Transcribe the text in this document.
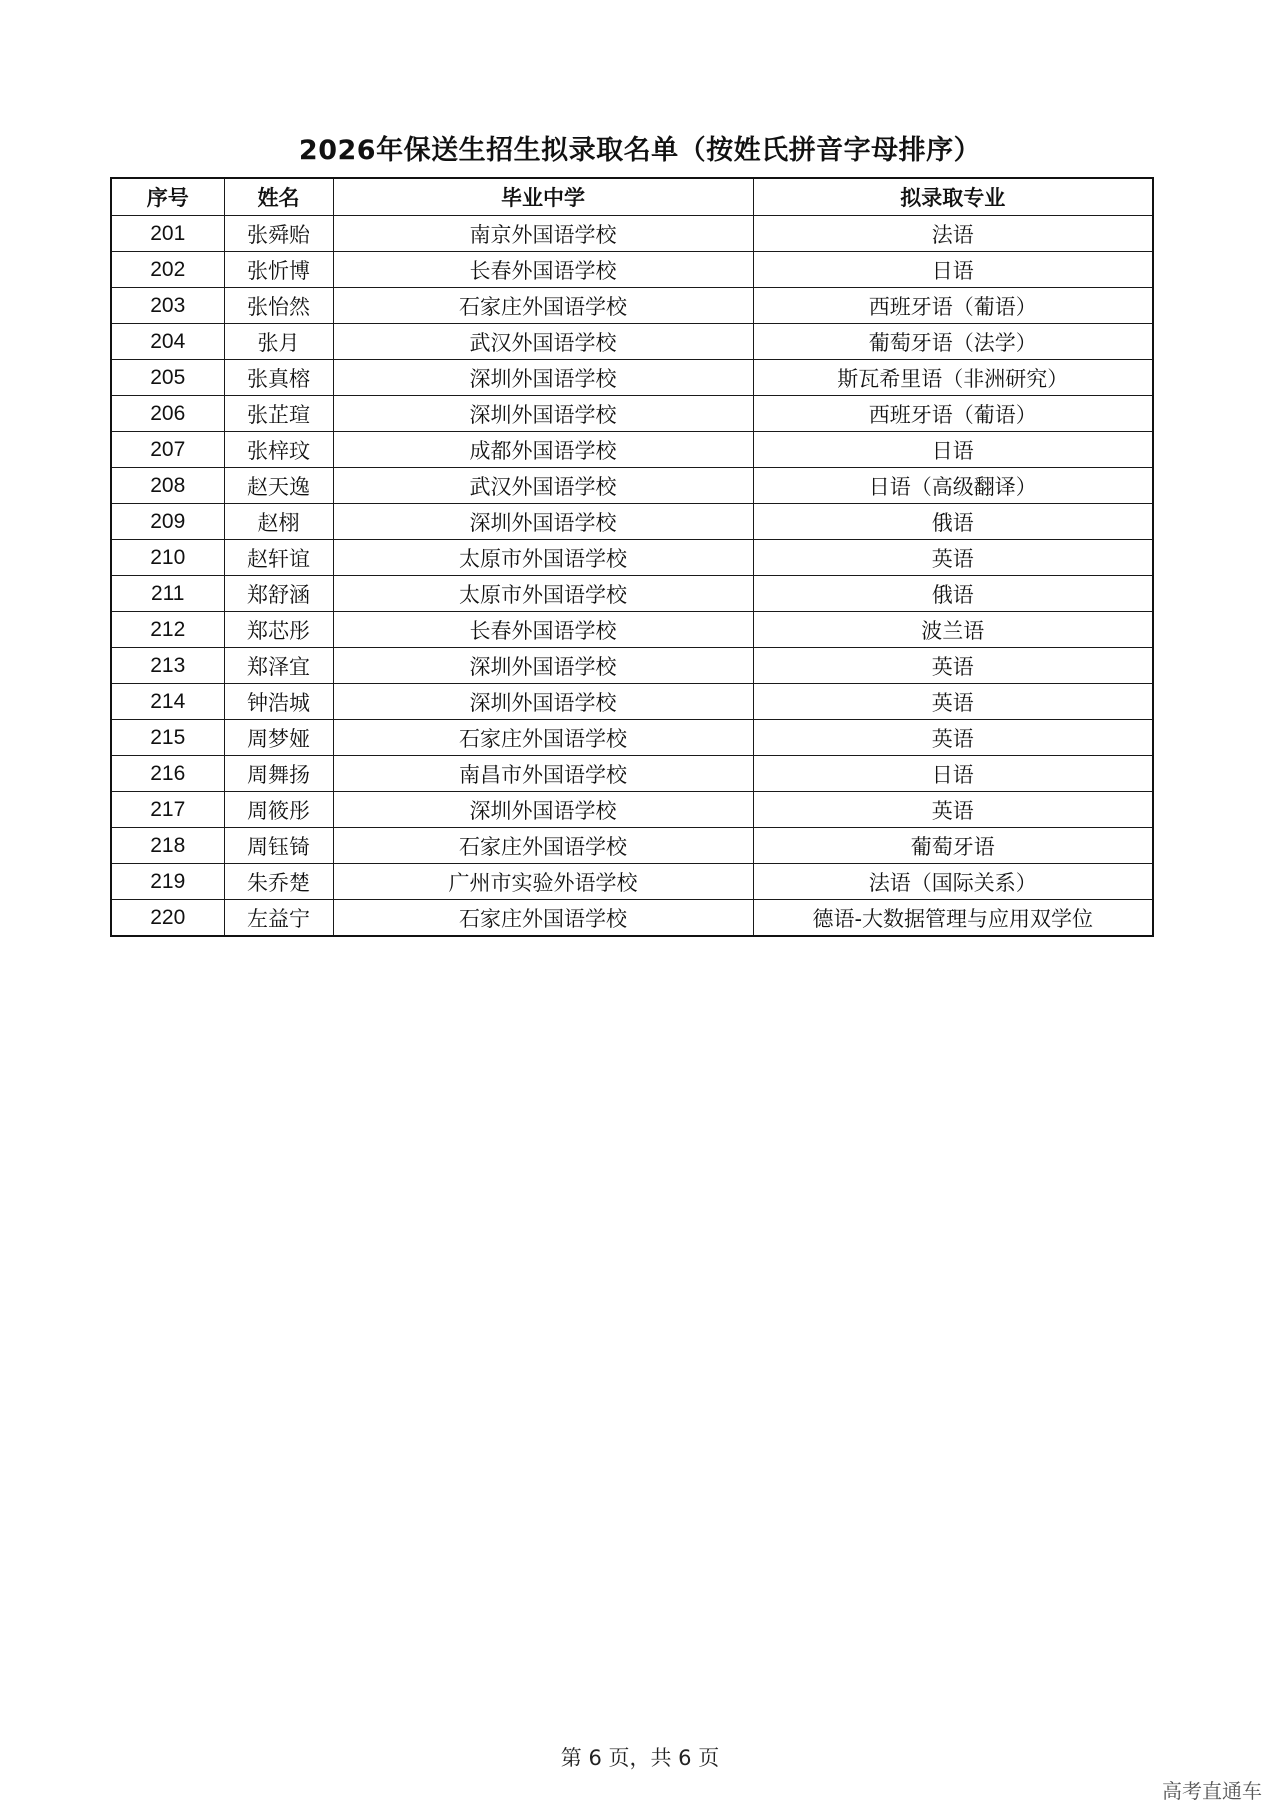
2026年保送生招生拟录取名单（按姓氏拼音字母排序）
序号	姓名	毕业中学	拟录取专业
201	张舜贻	南京外国语学校	法语
202	张忻博	长春外国语学校	日语
203	张怡然	石家庄外国语学校	西班牙语（葡语）
204	张月	武汉外国语学校	葡萄牙语（法学）
205	张真榕	深圳外国语学校	斯瓦希里语（非洲研究）
206	张芷瑄	深圳外国语学校	西班牙语（葡语）
207	张梓玟	成都外国语学校	日语
208	赵天逸	武汉外国语学校	日语（高级翻译）
209	赵栩	深圳外国语学校	俄语
210	赵轩谊	太原市外国语学校	英语
211	郑舒涵	太原市外国语学校	俄语
212	郑芯彤	长春外国语学校	波兰语
213	郑泽宜	深圳外国语学校	英语
214	钟浩城	深圳外国语学校	英语
215	周梦娅	石家庄外国语学校	英语
216	周舞扬	南昌市外国语学校	日语
217	周筱彤	深圳外国语学校	英语
218	周钰锜	石家庄外国语学校	葡萄牙语
219	朱乔楚	广州市实验外语学校	法语（国际关系）
220	左益宁	石家庄外国语学校	德语-大数据管理与应用双学位
第 6 页，共 6 页
高考直通车
